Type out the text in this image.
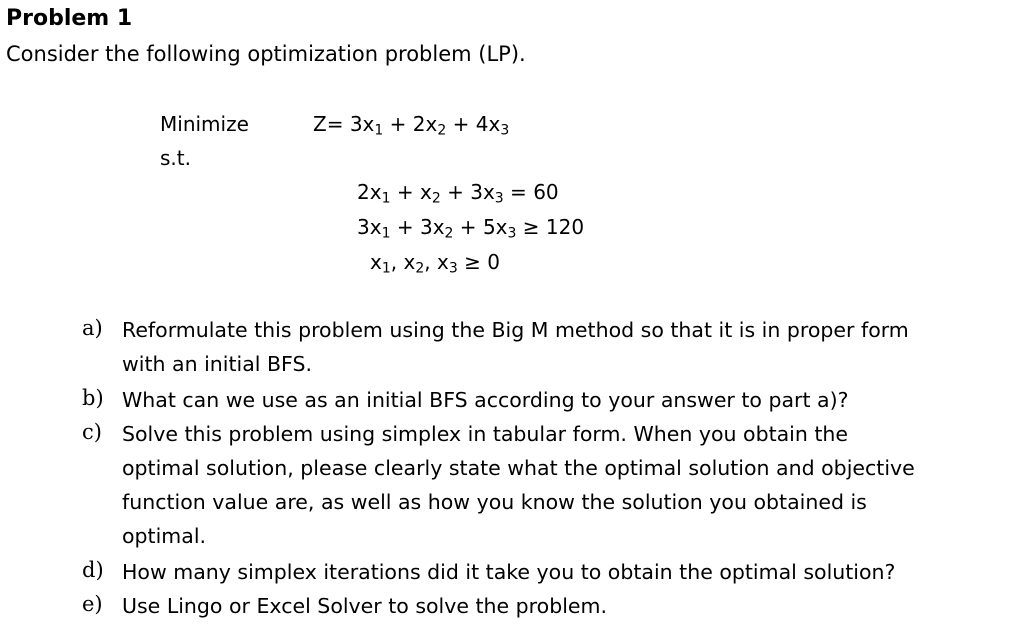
Problem 1
Consider the following optimization problem (LP).
Minimize
s.t.
$Z= 3x_1 + 2x_2 + 4x_3$
$2x_1 + x_2 + 3x_3 = 60$
$3x_1 + 3x_2 + 5x_3 \ge 120$
$x_1$, $x_2$, $x_3 \ge 0$
a) Reformulate this problem using the Big M method so that it is in proper form
with an initial BFS.
b) What can we use as an initial BFS according to your answer to part a)?
c) Solve this problem using simplex in tabular form. When you obtain the
optimal solution, please clearly state what the optimal solution and objective
function value are, as well as how you know the solution you obtained is
optimal.
d) How many simplex iterations did it take you to obtain the optimal solution?
e) Use Lingo or Excel Solver to solve the problem.
